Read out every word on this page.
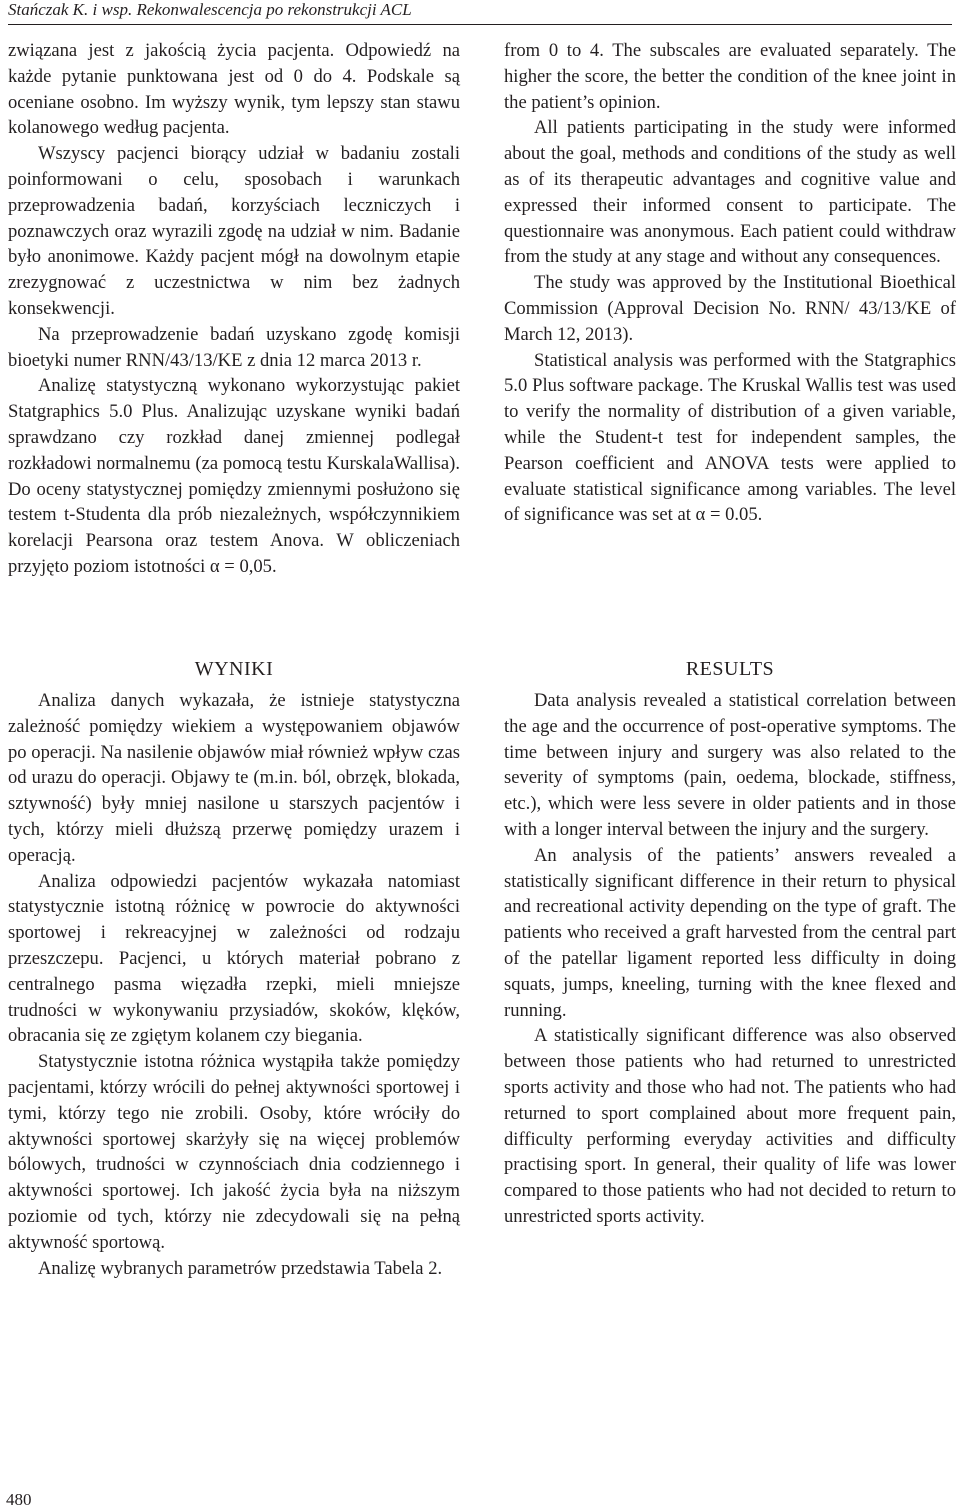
Stańczak K. i wsp. Rekonwalescencja po rekonstrukcji ACL

związana jest z jakością życia pacjenta. Odpowiedź na każde pytanie punktowana jest od 0 do 4. Podskale są oceniane osobno. Im wyższy wynik, tym lepszy stan stawu kolanowego według pacjenta.

Wszyscy pacjenci biorący udział w badaniu zostali poinformowani o celu, sposobach i warunkach przeprowadzenia badań, korzyściach leczniczych i poznawczych oraz wyrazili zgodę na udział w nim. Badanie było anonimowe. Każdy pacjent mógł na dowolnym etapie zrezygnować z uczestnictwa w nim bez żadnych konsekwencji.

Na przeprowadzenie badań uzyskano zgodę komisji bioetyki numer RNN/43/13/KE z dnia 12 marca 2013 r.

Analizę statystyczną wykonano wykorzystując pakiet Statgraphics 5.0 Plus. Analizując uzyskane wyniki badań sprawdzano czy rozkład danej zmiennej podlegał rozkładowi normalnemu (za pomocą testu KurskalaWallisa). Do oceny statystycznej pomiędzy zmiennymi posłużono się testem t-Studenta dla prób niezależnych, współczynnikiem korelacji Pearsona oraz testem Anova. W obliczeniach przyjęto poziom istotności α = 0,05.

from 0 to 4. The subscales are evaluated separately. The higher the score, the better the condition of the knee joint in the patient’s opinion.

All patients participating in the study were informed about the goal, methods and conditions of the study as well as of its therapeutic advantages and cognitive value and expressed their informed consent to participate. The questionnaire was anonymous. Each patient could withdraw from the study at any stage and without any consequences.

The study was approved by the Institutional Bioethical Commission (Approval Decision No. RNN/ 43/13/KE of March 12, 2013).

Statistical analysis was performed with the Statgraphics 5.0 Plus software package. The Kruskal Wallis test was used to verify the normality of distribution of a given variable, while the Student-t test for independent samples, the Pearson coefficient and ANOVA tests were applied to evaluate statistical significance among variables. The level of significance was set at α = 0.05.

WYNIKI

Analiza danych wykazała, że istnieje statystyczna zależność pomiędzy wiekiem a występowaniem objawów po operacji. Na nasilenie objawów miał również wpływ czas od urazu do operacji. Objawy te (m.in. ból, obrzęk, blokada, sztywność) były mniej nasilone u starszych pacjentów i tych, którzy mieli dłuższą przerwę pomiędzy urazem i operacją.

Analiza odpowiedzi pacjentów wykazała natomiast statystycznie istotną różnicę w powrocie do aktywności sportowej i rekreacyjnej w zależności od rodzaju przeszczepu. Pacjenci, u których materiał pobrano z centralnego pasma więzadła rzepki, mieli mniejsze trudności w wykonywaniu przysiadów, skoków, klęków, obracania się ze zgiętym kolanem czy biegania.

Statystycznie istotna różnica wystąpiła także pomiędzy pacjentami, którzy wrócili do pełnej aktywności sportowej i tymi, którzy tego nie zrobili. Osoby, które wróciły do aktywności sportowej skarżyły się na więcej problemów bólowych, trudności w czynnościach dnia codziennego i aktywności sportowej. Ich jakość życia była na niższym poziomie od tych, którzy nie zdecydowali się na pełną aktywność sportową.

Analizę wybranych parametrów przedstawia Tabela 2.

RESULTS

Data analysis revealed a statistical correlation between the age and the occurrence of post-operative symptoms. The time between injury and surgery was also related to the severity of symptoms (pain, oedema, blockade, stiffness, etc.), which were less severe in older patients and in those with a longer interval between the injury and the surgery.

An analysis of the patients’ answers revealed a statistically significant difference in their return to physical and recreational activity depending on the type of graft. The patients who received a graft harvested from the central part of the patellar ligament reported less difficulty in doing squats, jumps, kneeling, turning with the knee flexed and running.

A statistically significant difference was also observed between those patients who had returned to unrestricted sports activity and those who had not. The patients who had returned to sport complained about more frequent pain, difficulty performing everyday activities and difficulty practising sport. In general, their quality of life was lower compared to those patients who had not decided to return to unrestricted sports activity.

480
